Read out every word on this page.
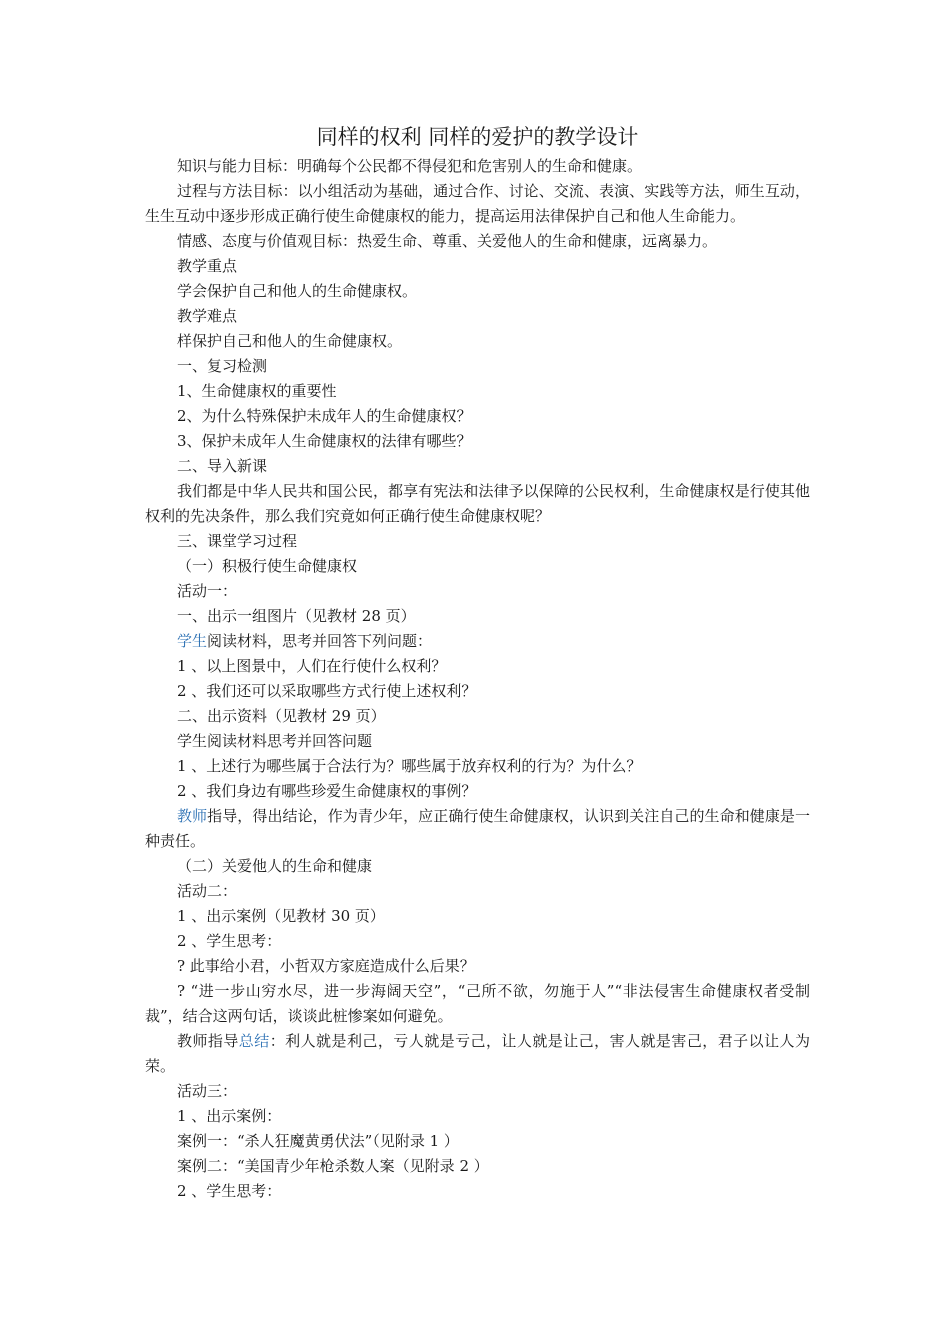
同样的权利 同样的爱护的教学设计

知识与能力目标：明确每个公民都不得侵犯和危害别人的生命和健康。

过程与方法目标：以小组活动为基础，通过合作、讨论、交流、表演、实践等方法，师生互动，生生互动中逐步形成正确行使生命健康权的能力，提高运用法律保护自己和他人生命能力。

情感、态度与价值观目标：热爱生命、尊重、关爱他人的生命和健康，远离暴力。

教学重点

学会保护自己和他人的生命健康权。

教学难点

样保护自己和他人的生命健康权。

一、复习检测

1、生命健康权的重要性

2、为什么特殊保护未成年人的生命健康权？

3、保护未成年人生命健康权的法律有哪些？

二、导入新课

我们都是中华人民共和国公民，都享有宪法和法律予以保障的公民权利，生命健康权是行使其他权利的先决条件，那么我们究竟如何正确行使生命健康权呢？

三、课堂学习过程

（一）积极行使生命健康权

活动一：

一、出示一组图片（见教材 28 页）

学生阅读材料，思考并回答下列问题：

1 、以上图景中，人们在行使什么权利？

2 、我们还可以采取哪些方式行使上述权利？

二、出示资料（见教材 29 页）

学生阅读材料思考并回答问题

1 、上述行为哪些属于合法行为？哪些属于放弃权利的行为？为什么？

2 、我们身边有哪些珍爱生命健康权的事例？

教师指导，得出结论，作为青少年，应正确行使生命健康权，认识到关注自己的生命和健康是一种责任。

（二）关爱他人的生命和健康

活动二：

1 、出示案例（见教材 30 页）

2 、学生思考：

? 此事给小君，小哲双方家庭造成什么后果？

? “进一步山穷水尽，进一步海阔天空”，“己所不欲，勿施于人”“非法侵害生命健康权者受制裁”，结合这两句话，谈谈此桩惨案如何避免。

教师指导总结：利人就是利己，亏人就是亏己，让人就是让己，害人就是害己，君子以让人为荣。

活动三：

1 、出示案例：

案例一：“杀人狂魔黄勇伏法”（见附录 1 ）

案例二：“美国青少年枪杀数人案（见附录 2 ）

2 、学生思考：
